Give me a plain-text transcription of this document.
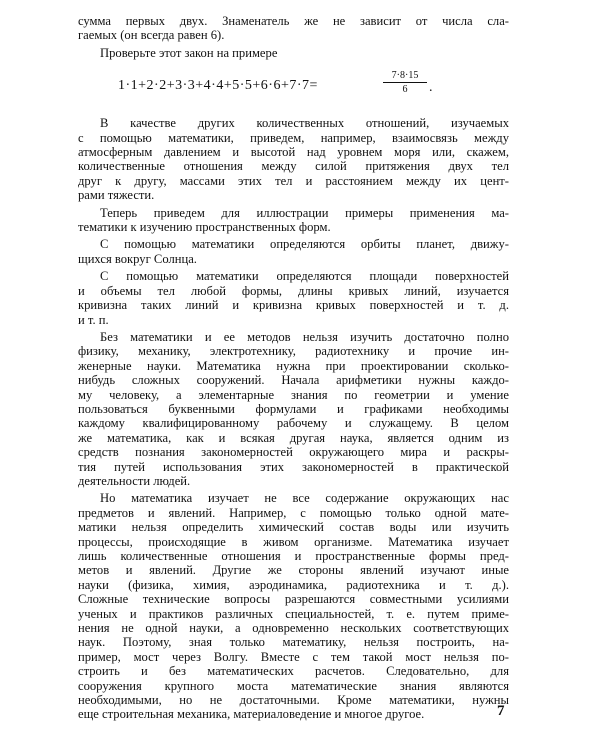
сумма первых двух. Знаменатель же не зависит от числа сла-
гаемых (он всегда равен 6).
Проверьте этот закон на примере
1·1+2·2+3·3+4·4+5·5+6·6+7·7=	$\frac{7\cdot 8\cdot 15}{6}$ .
В качестве других количественных отношений, изучаемых
с помощью математики, приведем, например, взаимосвязь между
атмосферным давлением и высотой над уровнем моря или, скажем,
количественные отношения между силой притяжения двух тел
друг к другу, массами этих тел и расстоянием между их цент-
рами тяжести.
Теперь приведем для иллюстрации примеры применения ма-
тематики к изучению пространственных форм.
С помощью математики определяются орбиты планет, движу-
щихся вокруг Солнца.
С помощью математики определяются площади поверхностей
и объемы тел любой формы, длины кривых линий, изучается
кривизна таких линий и кривизна кривых поверхностей и т. д.
и т. п.
Без математики и ее методов нельзя изучить достаточно полно
физику, механику, электротехнику, радиотехнику и прочие ин-
женерные науки. Математика нужна при проектировании сколько-
нибудь сложных сооружений. Начала арифметики нужны каждо-
му человеку, а элементарные знания по геометрии и умение
пользоваться буквенными формулами и графиками необходимы
каждому квалифицированному рабочему и служащему. В целом
же математика, как и всякая другая наука, является одним из
средств познания закономерностей окружающего мира и раскры-
тия путей использования этих закономерностей в практической
деятельности людей.
Но математика изучает не все содержание окружающих нас
предметов и явлений. Например, с помощью только одной мате-
матики нельзя определить химический состав воды или изучить
процессы, происходящие в живом организме. Математика изучает
лишь количественные отношения и пространственные формы пред-
метов и явлений. Другие же стороны явлений изучают иные
науки (физика, химия, аэродинамика, радиотехника и т. д.).
Сложные технические вопросы разрешаются совместными усилиями
ученых и практиков различных специальностей, т. е. путем приме-
нения не одной науки, а одновременно нескольких соответствующих
наук. Поэтому, зная только математику, нельзя построить, на-
пример, мост через Волгу. Вместе с тем такой мост нельзя по-
строить и без математических расчетов. Следовательно, для
сооружения крупного моста математические знания являются
необходимыми, но не достаточными. Кроме математики, нужны
еще строительная механика, материаловедение и многое другое.	7
